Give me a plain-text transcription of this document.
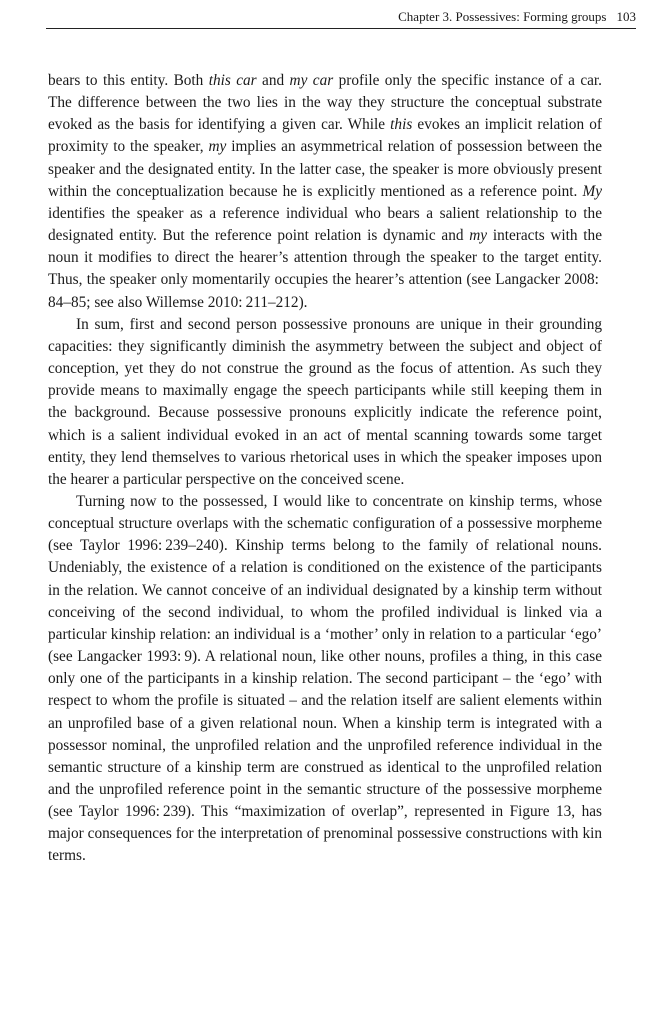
Chapter 3. Possessives: Forming groups 103

bears to this entity. Both this car and my car profile only the specific instance of a car. The difference between the two lies in the way they structure the conceptual substrate evoked as the basis for identifying a given car. While this evokes an implicit relation of proximity to the speaker, my implies an asymmetrical relation of possession between the speaker and the designated entity. In the latter case, the speaker is more obviously present within the conceptualization because he is explicitly mentioned as a reference point. My identifies the speaker as a reference individual who bears a salient relationship to the designated entity. But the reference point relation is dynamic and my interacts with the noun it modifies to direct the hearer’s attention through the speaker to the target entity. Thus, the speaker only momentarily occupies the hearer’s attention (see Langacker 2008: 84–85; see also Willemse 2010: 211–212).

In sum, first and second person possessive pronouns are unique in their grounding capacities: they significantly diminish the asymmetry between the subject and object of conception, yet they do not construe the ground as the focus of attention. As such they provide means to maximally engage the speech participants while still keeping them in the background. Because possessive pronouns explicitly indicate the reference point, which is a salient individual evoked in an act of mental scanning towards some target entity, they lend themselves to various rhetorical uses in which the speaker imposes upon the hearer a particular perspective on the conceived scene.

Turning now to the possessed, I would like to concentrate on kinship terms, whose conceptual structure overlaps with the schematic configuration of a possessive morpheme (see Taylor 1996: 239–240). Kinship terms belong to the family of relational nouns. Undeniably, the existence of a relation is conditioned on the existence of the participants in the relation. We cannot conceive of an individual designated by a kinship term without conceiving of the second individual, to whom the profiled individual is linked via a particular kinship relation: an individual is a ‘mother’ only in relation to a particular ‘ego’ (see Langacker 1993: 9). A relational noun, like other nouns, profiles a thing, in this case only one of the participants in a kinship relation. The second participant – the ‘ego’ with respect to whom the profile is situated – and the relation itself are salient elements within an unprofiled base of a given relational noun. When a kinship term is integrated with a possessor nominal, the unprofiled relation and the unprofiled reference individual in the semantic structure of a kinship term are construed as identical to the unprofiled relation and the unprofiled reference point in the semantic structure of the possessive morpheme (see Taylor 1996: 239). This “maximization of overlap”, represented in Figure 13, has major consequences for the interpretation of prenominal possessive constructions with kin terms.
